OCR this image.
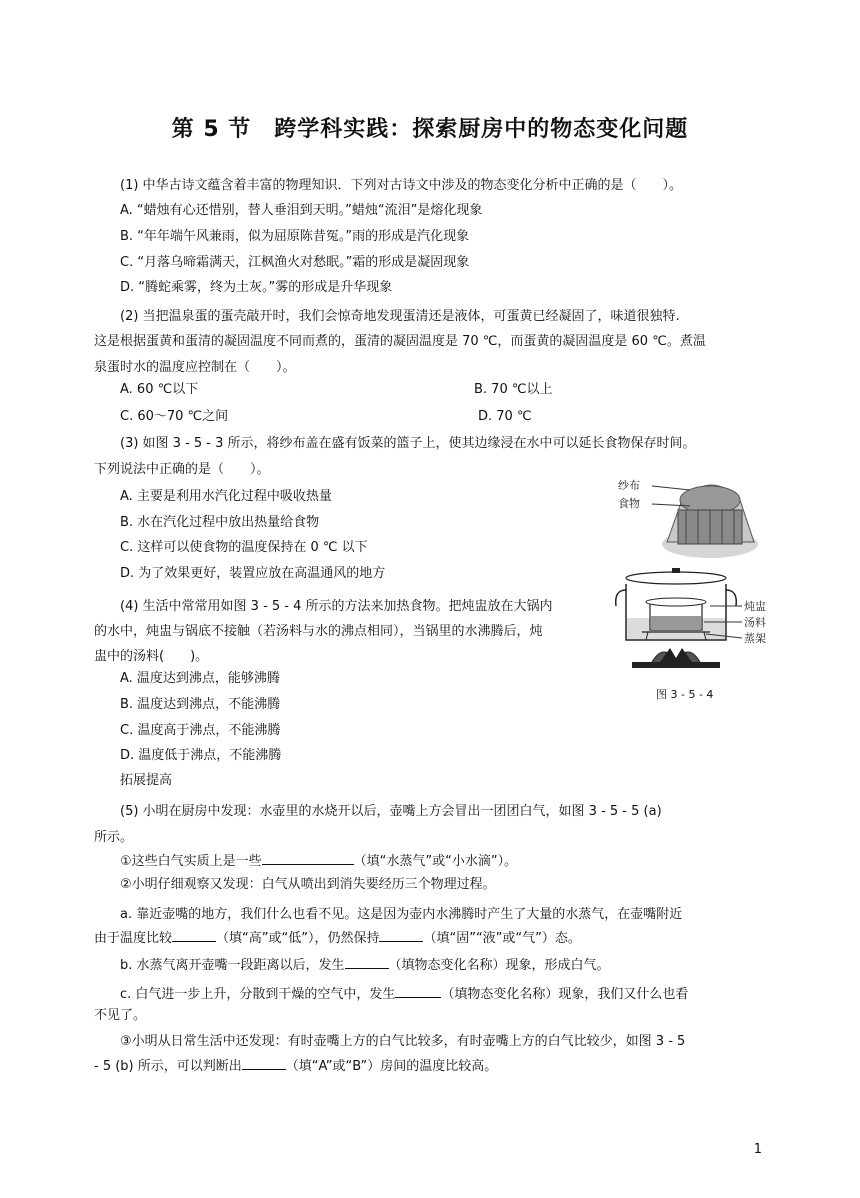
第 5 节　跨学科实践：探索厨房中的物态变化问题
(1) 中华古诗文蕴含着丰富的物理知识．下列对古诗文中涉及的物态变化分析中正确的是（　　）。
A. “蜡烛有心还惜别，替人垂泪到天明。”蜡烛“流泪”是熔化现象
B. “年年端午风兼雨，似为屈原陈昔冤。”雨的形成是汽化现象
C. “月落乌啼霜满天，江枫渔火对愁眠。”霜的形成是凝固现象
D. “腾蛇乘雾，终为土灰。”雾的形成是升华现象
(2) 当把温泉蛋的蛋壳敲开时，我们会惊奇地发现蛋清还是液体，可蛋黄已经凝固了，味道很独特.
这是根据蛋黄和蛋清的凝固温度不同而煮的，蛋清的凝固温度是 70 ℃，而蛋黄的凝固温度是 60 ℃。煮温
泉蛋时水的温度应控制在（　　）。
A. 60 ℃以下	B. 70 ℃以上
C. 60～70 ℃之间	D. 70 ℃
(3) 如图 3 - 5 - 3 所示，将纱布盖在盛有饭菜的篮子上，使其边缘浸在水中可以延长食物保存时间。
下列说法中正确的是（　　）。
A. 主要是利用水汽化过程中吸收热量
B. 水在汽化过程中放出热量给食物
C. 这样可以使食物的温度保持在 0 ℃ 以下
D. 为了效果更好，装置应放在高温通风的地方
纱布
食物
(4) 生活中常常用如图 3 - 5 - 4 所示的方法来加热食物。把炖盅放在大锅内
的水中，炖盅与锅底不接触（若汤料与水的沸点相同），当锅里的水沸腾后，炖
盅中的汤料(　　)。
A. 温度达到沸点，能够沸腾
B. 温度达到沸点，不能沸腾
C. 温度高于沸点，不能沸腾
D. 温度低于沸点，不能沸腾
炖盅
汤料
蒸架
图 3 - 5 - 4
拓展提高
(5) 小明在厨房中发现：水壶里的水烧开以后，壶嘴上方会冒出一团团白气，如图 3 - 5 - 5 (a)
所示。
①这些白气实质上是一些	（填“水蒸气”或“小水滴”）。
②小明仔细观察又发现：白气从喷出到消失要经历三个物理过程。
a. 靠近壶嘴的地方，我们什么也看不见。这是因为壶内水沸腾时产生了大量的水蒸气，在壶嘴附近
由于温度比较	（填“高”或“低”），仍然保持	（填“固”“液”或“气”）态。
b. 水蒸气离开壶嘴一段距离以后，发生	（填物态变化名称）现象，形成白气。
c. 白气进一步上升，分散到干燥的空气中，发生	（填物态变化名称）现象，我们又什么也看
不见了。
③小明从日常生活中还发现：有时壶嘴上方的白气比较多，有时壶嘴上方的白气比较少，如图 3 - 5
- 5 (b) 所示，可以判断出	（填“A”或“B”）房间的温度比较高。
1
